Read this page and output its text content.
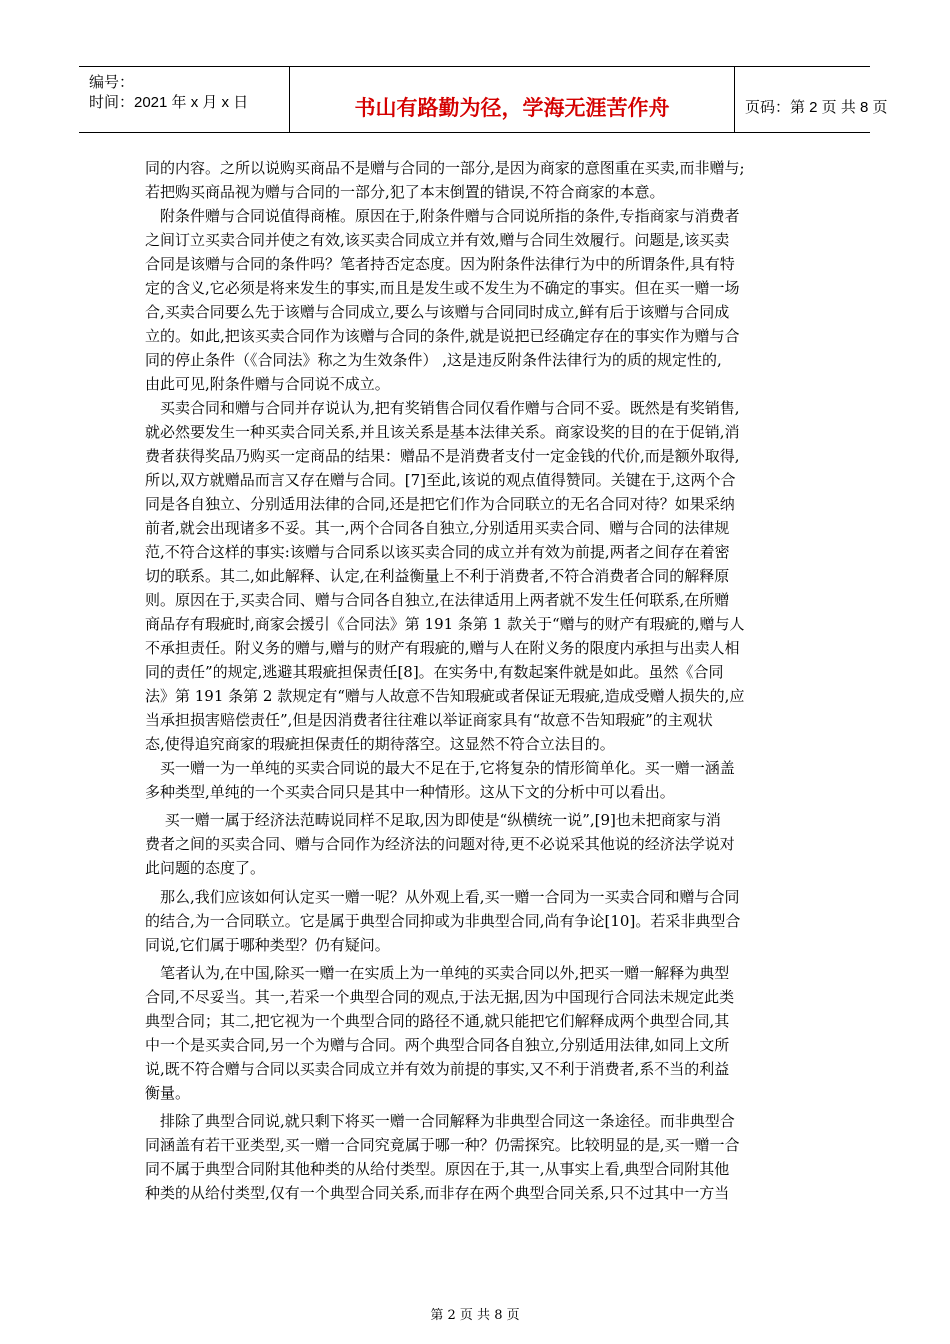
编号：
时间：2021 年 x 月 x 日	书山有路勤为径，学海无涯苦作舟	页码：第 2 页 共 8 页
同的内容。之所以说购买商品不是赠与合同的一部分,是因为商家的意图重在买卖,而非赠与;
若把购买商品视为赠与合同的一部分,犯了本末倒置的错误,不符合商家的本意。
　附条件赠与合同说值得商榷。原因在于,附条件赠与合同说所指的条件,专指商家与消费者
之间订立买卖合同并使之有效,该买卖合同成立并有效,赠与合同生效履行。问题是,该买卖
合同是该赠与合同的条件吗？笔者持否定态度。因为附条件法律行为中的所谓条件,具有特
定的含义,它必须是将来发生的事实,而且是发生或不发生为不确定的事实。但在买一赠一场
合,买卖合同要么先于该赠与合同成立,要么与该赠与合同同时成立,鲜有后于该赠与合同成
立的。如此,把该买卖合同作为该赠与合同的条件,就是说把已经确定存在的事实作为赠与合
同的停止条件（《合同法》称之为生效条件） ,这是违反附条件法律行为的质的规定性的,
由此可见,附条件赠与合同说不成立。
　买卖合同和赠与合同并存说认为,把有奖销售合同仅看作赠与合同不妥。既然是有奖销售,
就必然要发生一种买卖合同关系,并且该关系是基本法律关系。商家设奖的目的在于促销,消
费者获得奖品乃购买一定商品的结果：赠品不是消费者支付一定金钱的代价,而是额外取得,
所以,双方就赠品而言又存在赠与合同。[7]至此,该说的观点值得赞同。关键在于,这两个合
同是各自独立、分别适用法律的合同,还是把它们作为合同联立的无名合同对待？如果采纳
前者,就会出现诸多不妥。其一,两个合同各自独立,分别适用买卖合同、赠与合同的法律规
范,不符合这样的事实:该赠与合同系以该买卖合同的成立并有效为前提,两者之间存在着密
切的联系。其二,如此解释、认定,在利益衡量上不利于消费者,不符合消费者合同的解释原
则。原因在于,买卖合同、赠与合同各自独立,在法律适用上两者就不发生任何联系,在所赠
商品存有瑕疵时,商家会援引《合同法》第 191 条第 1 款关于“赠与的财产有瑕疵的,赠与人
不承担责任。附义务的赠与,赠与的财产有瑕疵的,赠与人在附义务的限度内承担与出卖人相
同的责任”的规定,逃避其瑕疵担保责任[8]。在实务中,有数起案件就是如此。虽然《合同
法》第 191 条第 2 款规定有“赠与人故意不告知瑕疵或者保证无瑕疵,造成受赠人损失的,应
当承担损害赔偿责任”,但是因消费者往往难以举证商家具有“故意不告知瑕疵”的主观状
态,使得追究商家的瑕疵担保责任的期待落空。这显然不符合立法目的。
　买一赠一为一单纯的买卖合同说的最大不足在于,它将复杂的情形简单化。买一赠一涵盖
多种类型,单纯的一个买卖合同只是其中一种情形。这从下文的分析中可以看出。
　 买一赠一属于经济法范畴说同样不足取,因为即使是“纵横统一说”,[9]也未把商家与消
费者之间的买卖合同、赠与合同作为经济法的问题对待,更不必说采其他说的经济法学说对
此问题的态度了。
　那么,我们应该如何认定买一赠一呢？从外观上看,买一赠一合同为一买卖合同和赠与合同
的结合,为一合同联立。它是属于典型合同抑或为非典型合同,尚有争论[10]。若采非典型合
同说,它们属于哪种类型？仍有疑问。
　笔者认为,在中国,除买一赠一在实质上为一单纯的买卖合同以外,把买一赠一解释为典型
合同,不尽妥当。其一,若采一个典型合同的观点,于法无据,因为中国现行合同法未规定此类
典型合同；其二,把它视为一个典型合同的路径不通,就只能把它们解释成两个典型合同,其
中一个是买卖合同,另一个为赠与合同。两个典型合同各自独立,分别适用法律,如同上文所
说,既不符合赠与合同以买卖合同成立并有效为前提的事实,又不利于消费者,系不当的利益
衡量。
　排除了典型合同说,就只剩下将买一赠一合同解释为非典型合同这一条途径。而非典型合
同涵盖有若干亚类型,买一赠一合同究竟属于哪一种？仍需探究。比较明显的是,买一赠一合
同不属于典型合同附其他种类的从给付类型。原因在于,其一,从事实上看,典型合同附其他
种类的从给付类型,仅有一个典型合同关系,而非存在两个典型合同关系,只不过其中一方当
第 2 页 共 8 页
